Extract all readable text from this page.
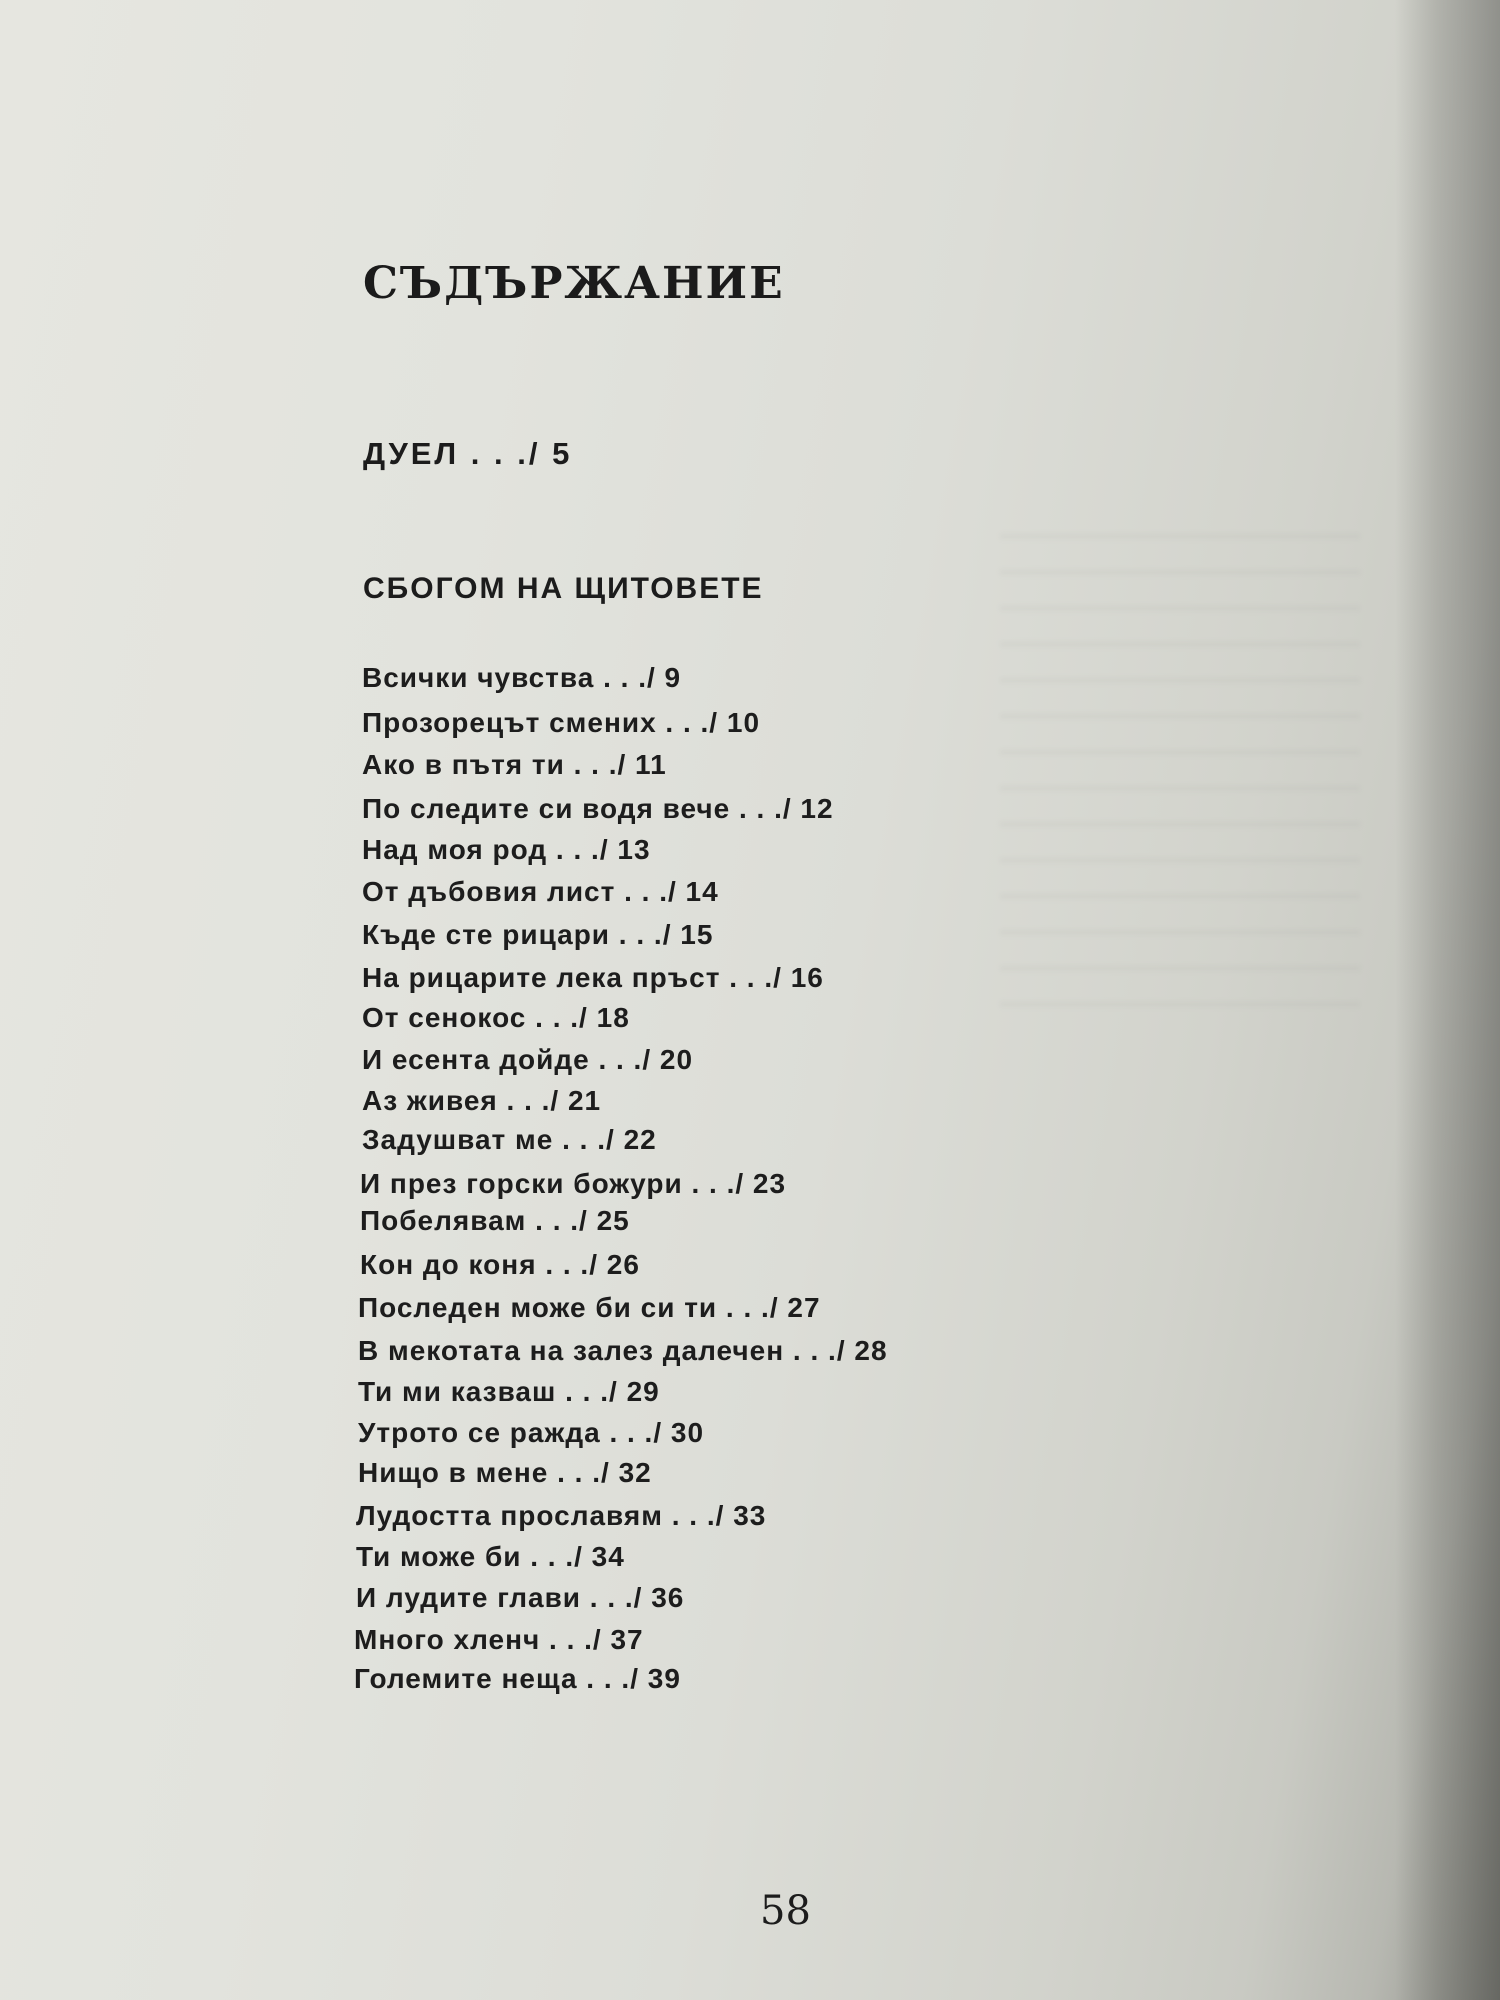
СЪДЪРЖАНИЕ
ДУЕЛ . . ./ 5
СБОГОМ НА ЩИТОВЕТЕ
Всички чувства . . ./ 9
Прозорецът смених . . ./ 10
Ако в пътя ти . . ./ 11
По следите си водя вече . . ./ 12
Над моя род . . ./ 13
От дъбовия лист . . ./ 14
Къде сте рицари . . ./ 15
На рицарите лека пръст . . ./ 16
От сенокос . . ./ 18
И есента дойде . . ./ 20
Аз живея . . ./ 21
Задушват ме . . ./ 22
И през горски божури . . ./ 23
Побелявам . . ./ 25
Кон до коня . . ./ 26
Последен може би си ти . . ./ 27
В мекотата на залез далечен . . ./ 28
Ти ми казваш . . ./ 29
Утрото се ражда . . ./ 30
Нищо в мене . . ./ 32
Лудостта прославям . . ./ 33
Ти може би . . ./ 34
И лудите глави . . ./ 36
Много хленч . . ./ 37
Големите неща . . ./ 39
58
